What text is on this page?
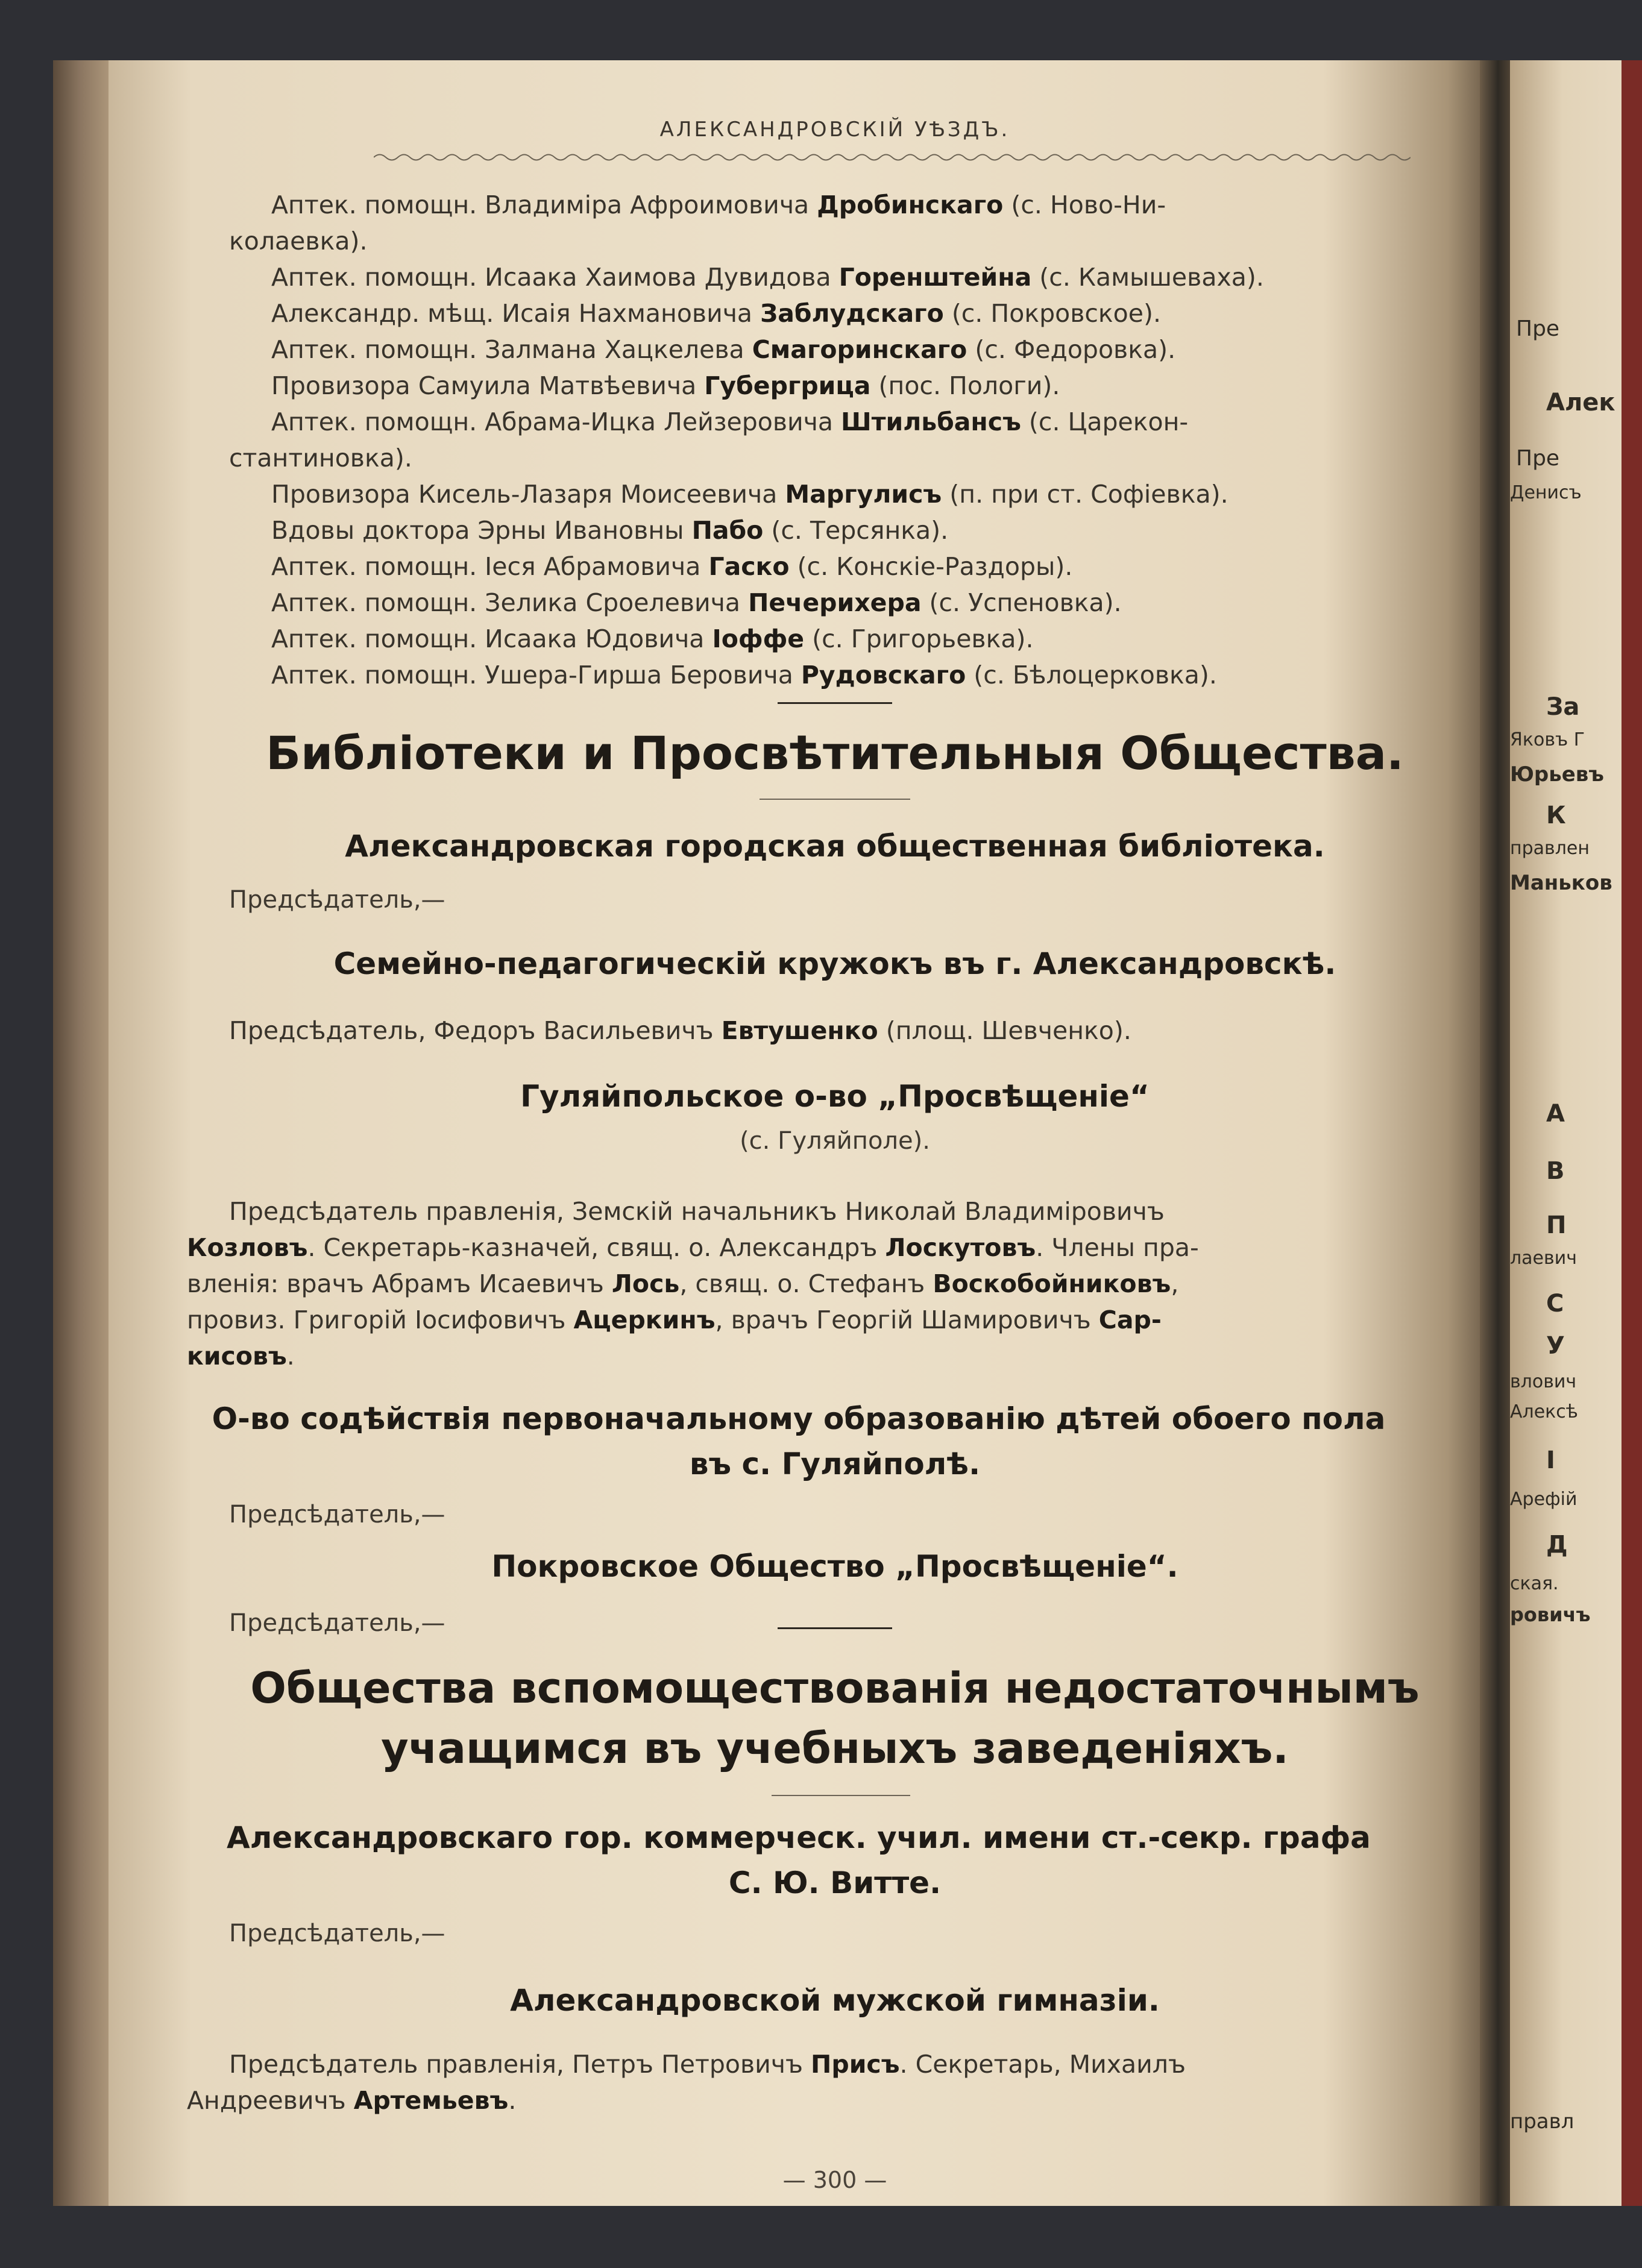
Пре
Алек
Пре
Денисъ
За
Яковъ Г
Юрьевъ
К
правлен
Маньков
А
В
П
лаевич
С
У
влович
Алексѣ
І
Арефій
Д
ская.
ровичъ
правл
АЛЕКСАНДРОВСКІЙ УѢЗДЪ.
Аптек. помощн. Владиміра Афроимовича Дробинскаго (с. Ново-Ни-
колаевка).
Аптек. помощн. Исаака Хаимова Дувидова Горенштейна (с. Камышеваха).
Александр. мѣщ. Исаія Нахмановича Заблудскаго (с. Покровское).
Аптек. помощн. Залмана Хацкелева Смагоринскаго (с. Федоровка).
Провизора Самуила Матвѣевича Губергрица (пос. Пологи).
Аптек. помощн. Абрама-Ицка Лейзеровича Штильбансъ (с. Царекон-
стантиновка).
Провизора Кисель-Лазаря Моисеевича Маргулисъ (п. при ст. Софіевка).
Вдовы доктора Эрны Ивановны Пабо (с. Терсянка).
Аптек. помощн. Іеся Абрамовича Гаско (с. Конскіе-Раздоры).
Аптек. помощн. Зелика Сроелевича Печерихера (с. Успеновка).
Аптек. помощн. Исаака Юдовича Іоффе (с. Григорьевка).
Аптек. помощн. Ушера-Гирша Беровича Рудовскаго (с. Бѣлоцерковка).
Библіотеки и Просвѣтительныя Общества.
Александровская городская общественная библіотека.
Предсѣдатель,—
Семейно-педагогическій кружокъ въ г. Александровскѣ.
Предсѣдатель, Федоръ Васильевичъ Евтушенко (площ. Шевченко).
Гуляйпольское о-во „Просвѣщеніе“
(с. Гуляйполе).
Предсѣдатель правленія, Земскій начальникъ Николай Владиміровичъ
Козловъ. Секретарь-казначей, свящ. о. Александръ Лоскутовъ. Члены пра-
вленія: врачъ Абрамъ Исаевичъ Лось, свящ. о. Стефанъ Воскобойниковъ,
провиз. Григорій Іосифовичъ Ацеркинъ, врачъ Георгій Шамировичъ Сар-
кисовъ.
О-во содѣйствія первоначальному образованію дѣтей обоего пола
въ с. Гуляйполѣ.
Предсѣдатель,—
Покровское Общество „Просвѣщеніе“.
Предсѣдатель,—
Общества вспомоществованія недостаточнымъ
учащимся въ учебныхъ заведеніяхъ.
Александровскаго гор. коммерческ. учил. имени ст.-секр. графа
С. Ю. Витте.
Предсѣдатель,—
Александровской мужской гимназіи.
Предсѣдатель правленія, Петръ Петровичъ Присъ. Секретарь, Михаилъ
Андреевичъ Артемьевъ.
— 300 —
